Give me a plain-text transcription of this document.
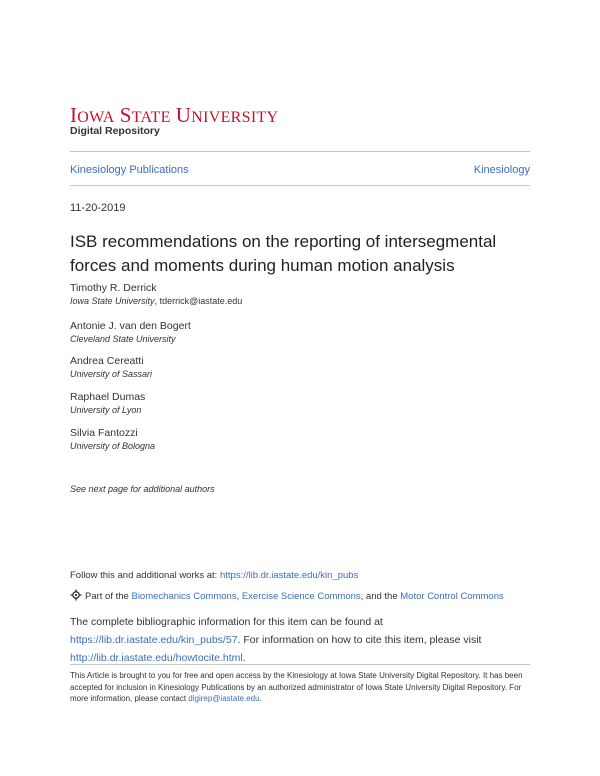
IOWA STATE UNIVERSITY
Digital Repository
Kinesiology Publications	Kinesiology
11-20-2019
ISB recommendations on the reporting of intersegmental forces and moments during human motion analysis
Timothy R. Derrick
Iowa State University, tderrick@iastate.edu
Antonie J. van den Bogert
Cleveland State University
Andrea Cereatti
University of Sassari
Raphael Dumas
University of Lyon
Silvia Fantozzi
University of Bologna
See next page for additional authors
Follow this and additional works at: https://lib.dr.iastate.edu/kin_pubs
Part of the Biomechanics Commons, Exercise Science Commons, and the Motor Control Commons
The complete bibliographic information for this item can be found at https://lib.dr.iastate.edu/kin_pubs/57. For information on how to cite this item, please visit http://lib.dr.iastate.edu/howtocite.html.
This Article is brought to you for free and open access by the Kinesiology at Iowa State University Digital Repository. It has been accepted for inclusion in Kinesiology Publications by an authorized administrator of Iowa State University Digital Repository. For more information, please contact digirep@iastate.edu.
